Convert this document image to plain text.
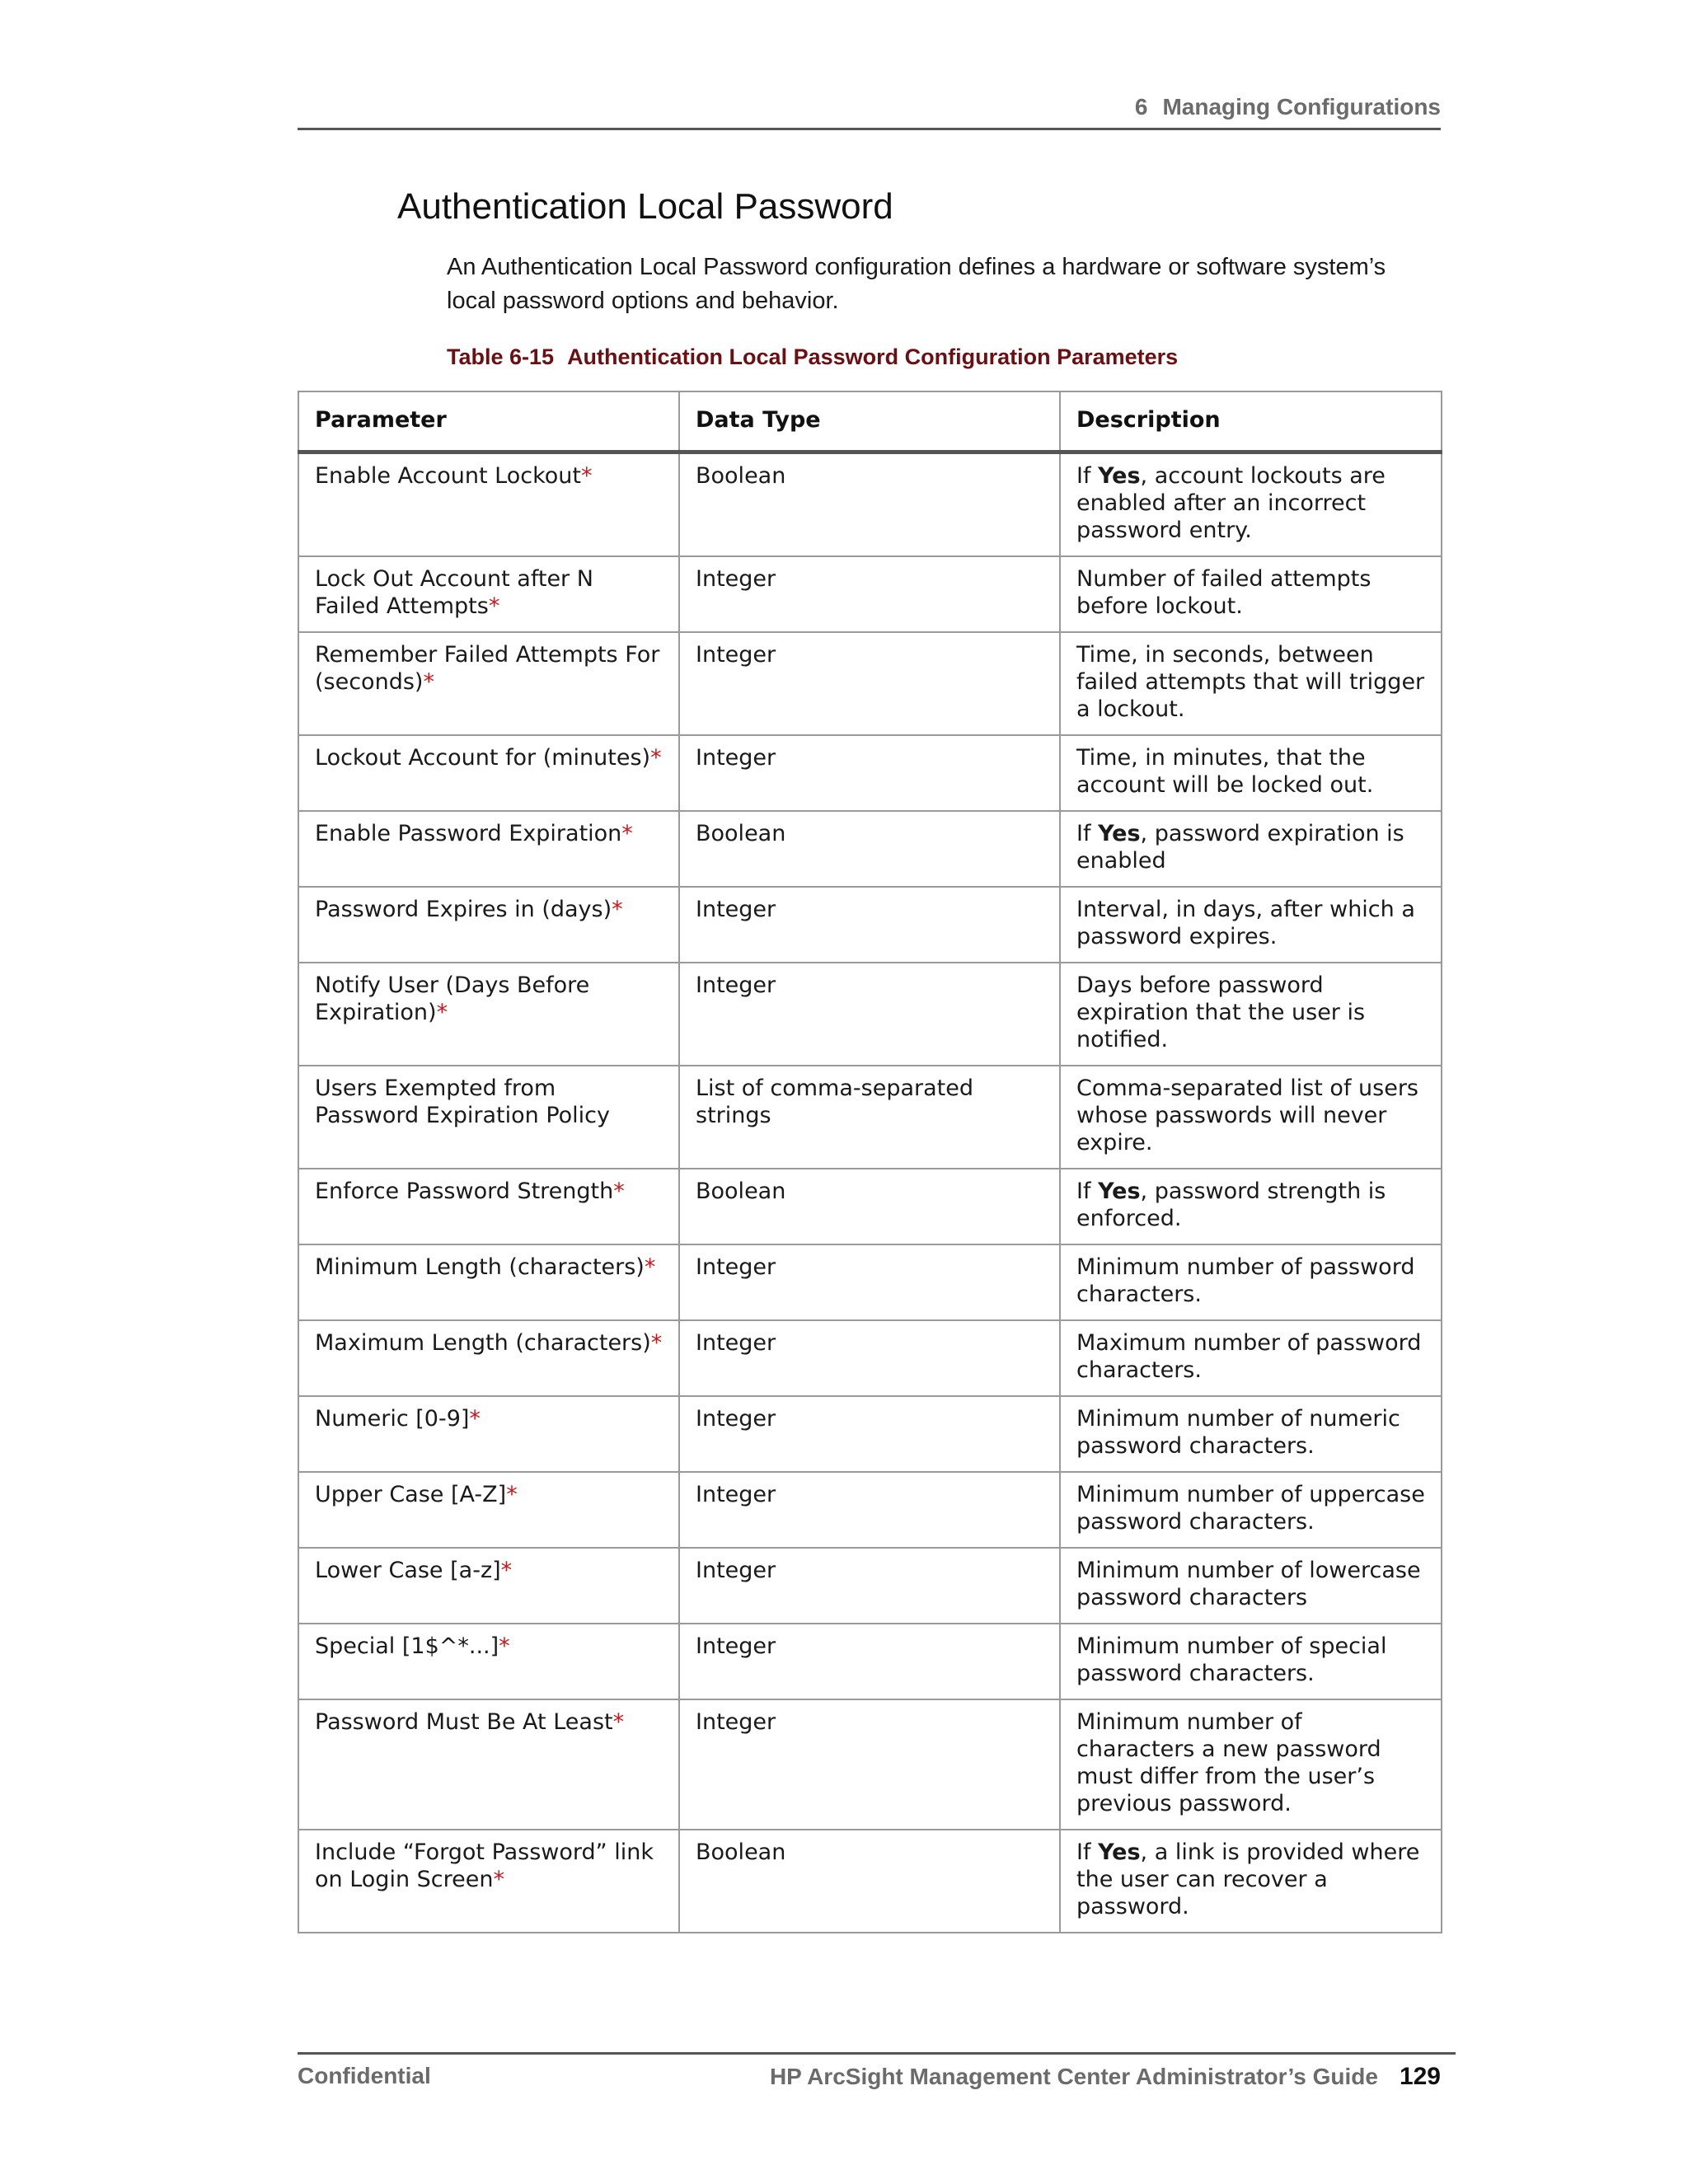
6 Managing Configurations
Authentication Local Password
An Authentication Local Password configuration defines a hardware or software system’s local password options and behavior.
Table 6-15 Authentication Local Password Configuration Parameters
Parameter	Data Type	Description
Enable Account Lockout*	Boolean	If Yes, account lockouts are enabled after an incorrect password entry.
Lock Out Account after N Failed Attempts*	Integer	Number of failed attempts before lockout.
Remember Failed Attempts For (seconds)*	Integer	Time, in seconds, between failed attempts that will trigger a lockout.
Lockout Account for (minutes)*	Integer	Time, in minutes, that the account will be locked out.
Enable Password Expiration*	Boolean	If Yes, password expiration is enabled
Password Expires in (days)*	Integer	Interval, in days, after which a password expires.
Notify User (Days Before Expiration)*	Integer	Days before password expiration that the user is notified.
Users Exempted from Password Expiration Policy	List of comma-separated strings	Comma-separated list of users whose passwords will never expire.
Enforce Password Strength*	Boolean	If Yes, password strength is enforced.
Minimum Length (characters)*	Integer	Minimum number of password characters.
Maximum Length (characters)*	Integer	Maximum number of password characters.
Numeric [0-9]*	Integer	Minimum number of numeric password characters.
Upper Case [A-Z]*	Integer	Minimum number of uppercase password characters.
Lower Case [a-z]*	Integer	Minimum number of lowercase password characters
Special [1$^*...]*	Integer	Minimum number of special password characters.
Password Must Be At Least*	Integer	Minimum number of characters a new password must differ from the user’s previous password.
Include “Forgot Password” link on Login Screen*	Boolean	If Yes, a link is provided where the user can recover a password.
Confidential	HP ArcSight Management Center Administrator’s Guide 129
